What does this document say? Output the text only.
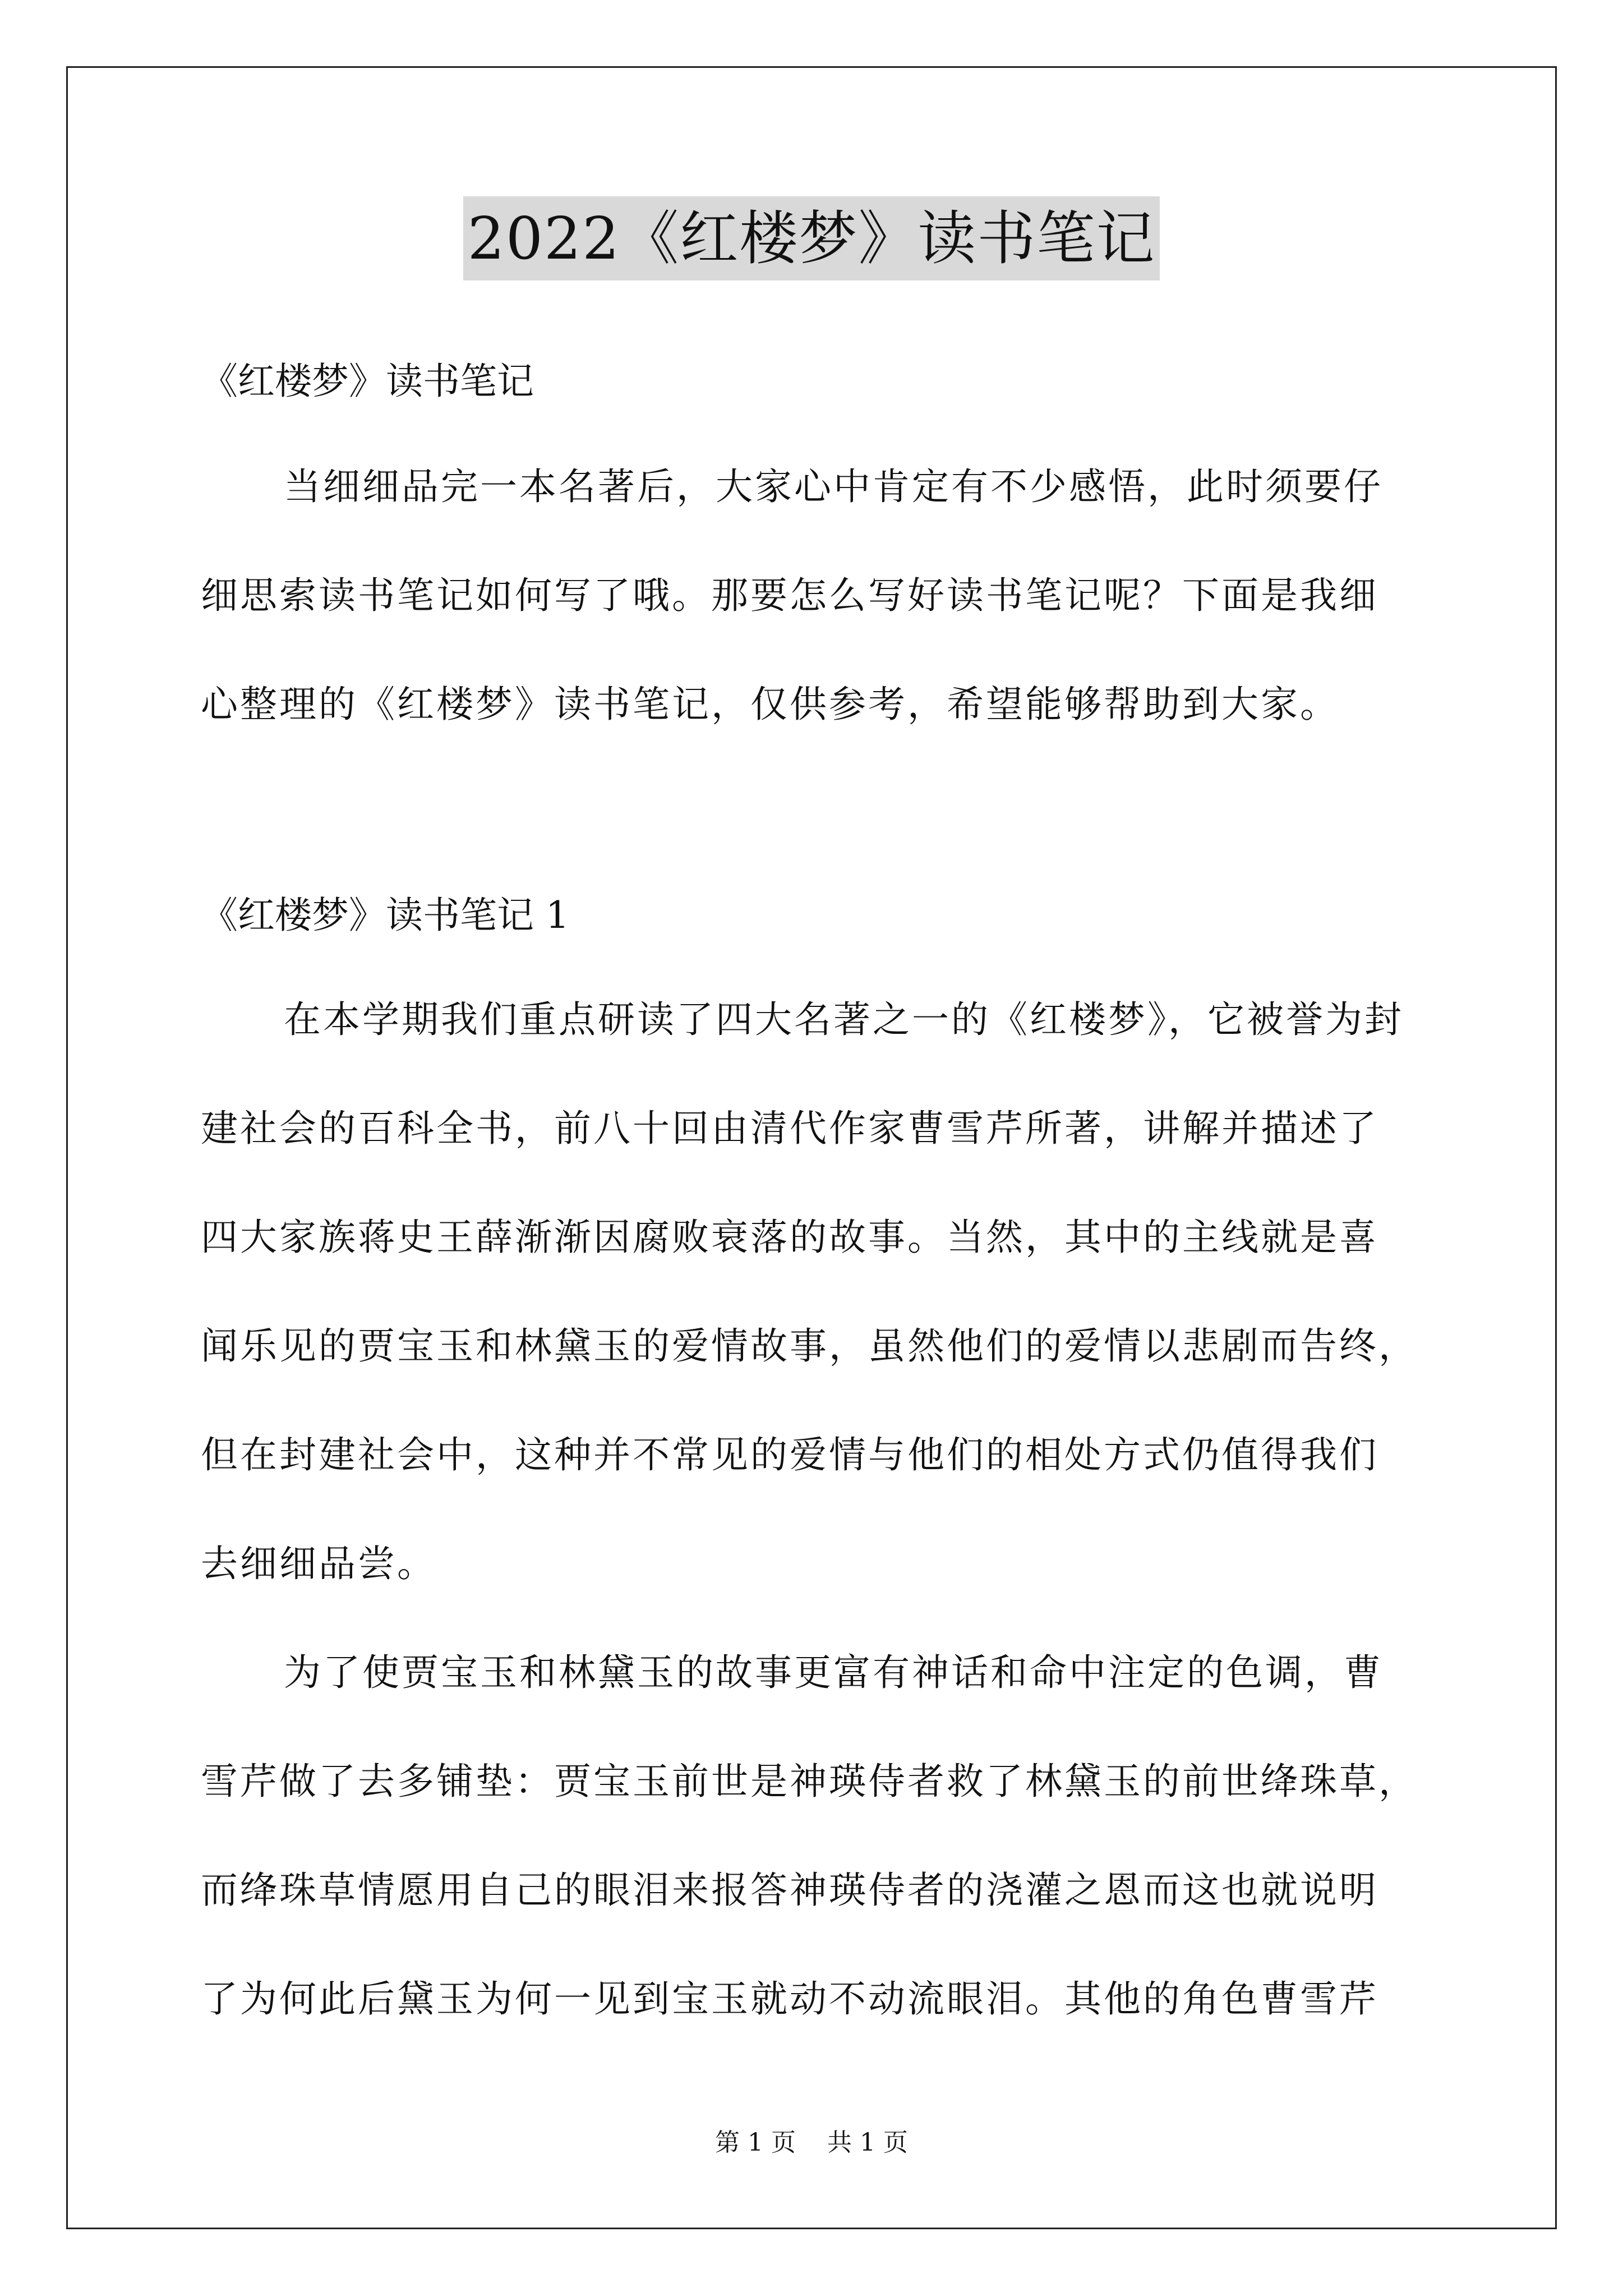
2022《红楼梦》读书笔记
《红楼梦》读书笔记
当细细品完一本名著后，大家心中肯定有不少感悟，此时须要仔
细思索读书笔记如何写了哦。那要怎么写好读书笔记呢？下面是我细
心整理的《红楼梦》读书笔记，仅供参考，希望能够帮助到大家。
《红楼梦》读书笔记 1
在本学期我们重点研读了四大名著之一的《红楼梦》，它被誉为封
建社会的百科全书，前八十回由清代作家曹雪芹所著，讲解并描述了
四大家族蒋史王薛渐渐因腐败衰落的故事。当然，其中的主线就是喜
闻乐见的贾宝玉和林黛玉的爱情故事，虽然他们的爱情以悲剧而告终，
但在封建社会中，这种并不常见的爱情与他们的相处方式仍值得我们
去细细品尝。
为了使贾宝玉和林黛玉的故事更富有神话和命中注定的色调，曹
雪芹做了去多铺垫：贾宝玉前世是神瑛侍者救了林黛玉的前世绛珠草，
而绛珠草情愿用自己的眼泪来报答神瑛侍者的浇灌之恩而这也就说明
了为何此后黛玉为何一见到宝玉就动不动流眼泪。其他的角色曹雪芹
第 1 页    共 1 页
